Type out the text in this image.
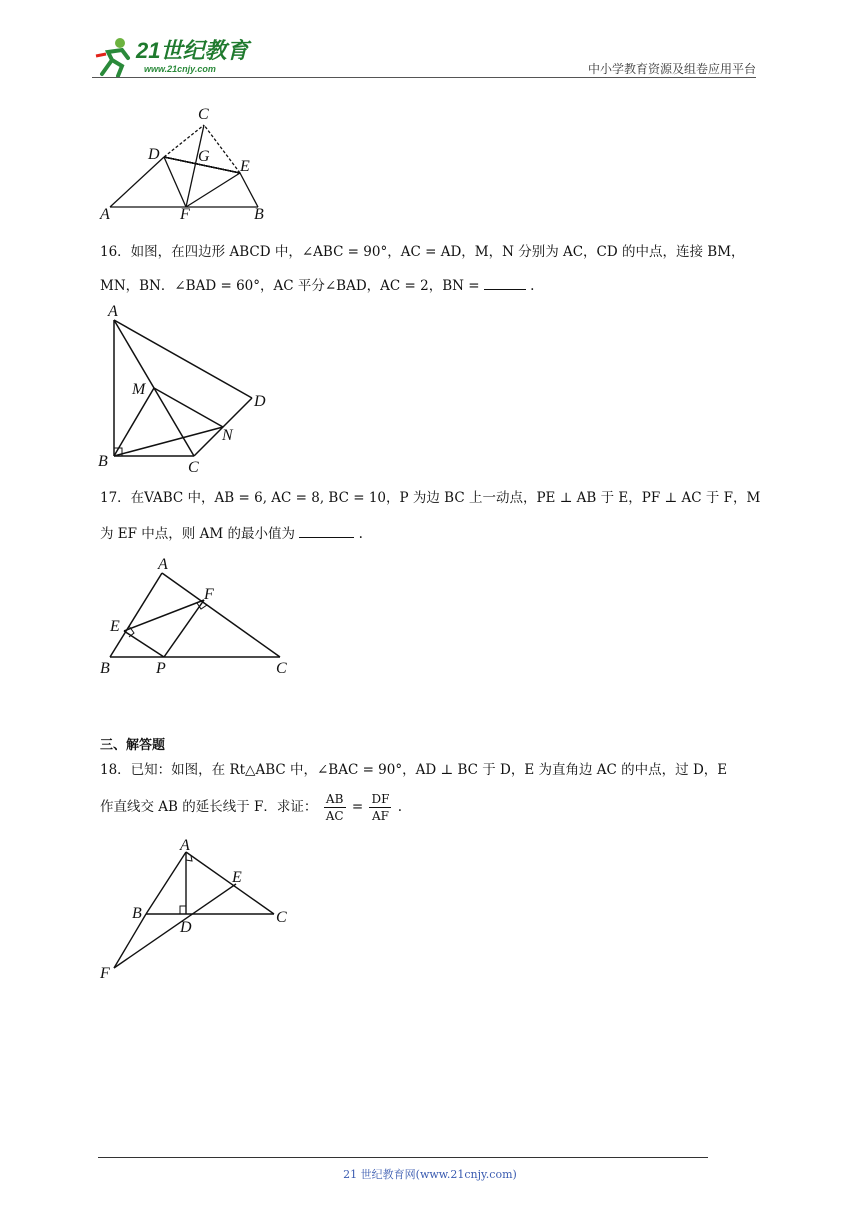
21世纪教育
www.21cnjy.com	中小学教育资源及组卷应用平台
C
D G
E
A	F	B
16．如图，在四边形 ABCD 中，∠ABC = 90°，AC = AD，M，N 分别为 AC，CD 的中点，连接 BM，
MN，BN．∠BAD = 60°，AC 平分∠BAD，AC = 2，BN =	.
A
M
D
N
B	C
17．在VABC 中，AB = 6, AC = 8, BC = 10，P 为边 BC 上一动点，PE ⊥ AB 于 E，PF ⊥ AC 于 F，M
为 EF 中点，则 AM 的最小值为	.
A
F
E
B	P	C
三、解答题
18．已知：如图，在 Rt△ABC 中，∠BAC = 90°，AD ⊥ BC 于 D，E 为直角边 AC 的中点，过 D，E
作直线交 AB 的延长线于 F．求证： $\frac{AB}{AC} = \frac{DF}{AF}$ .
A
E
B
D
C
F
21 世纪教育网(www.21cnjy.com)
